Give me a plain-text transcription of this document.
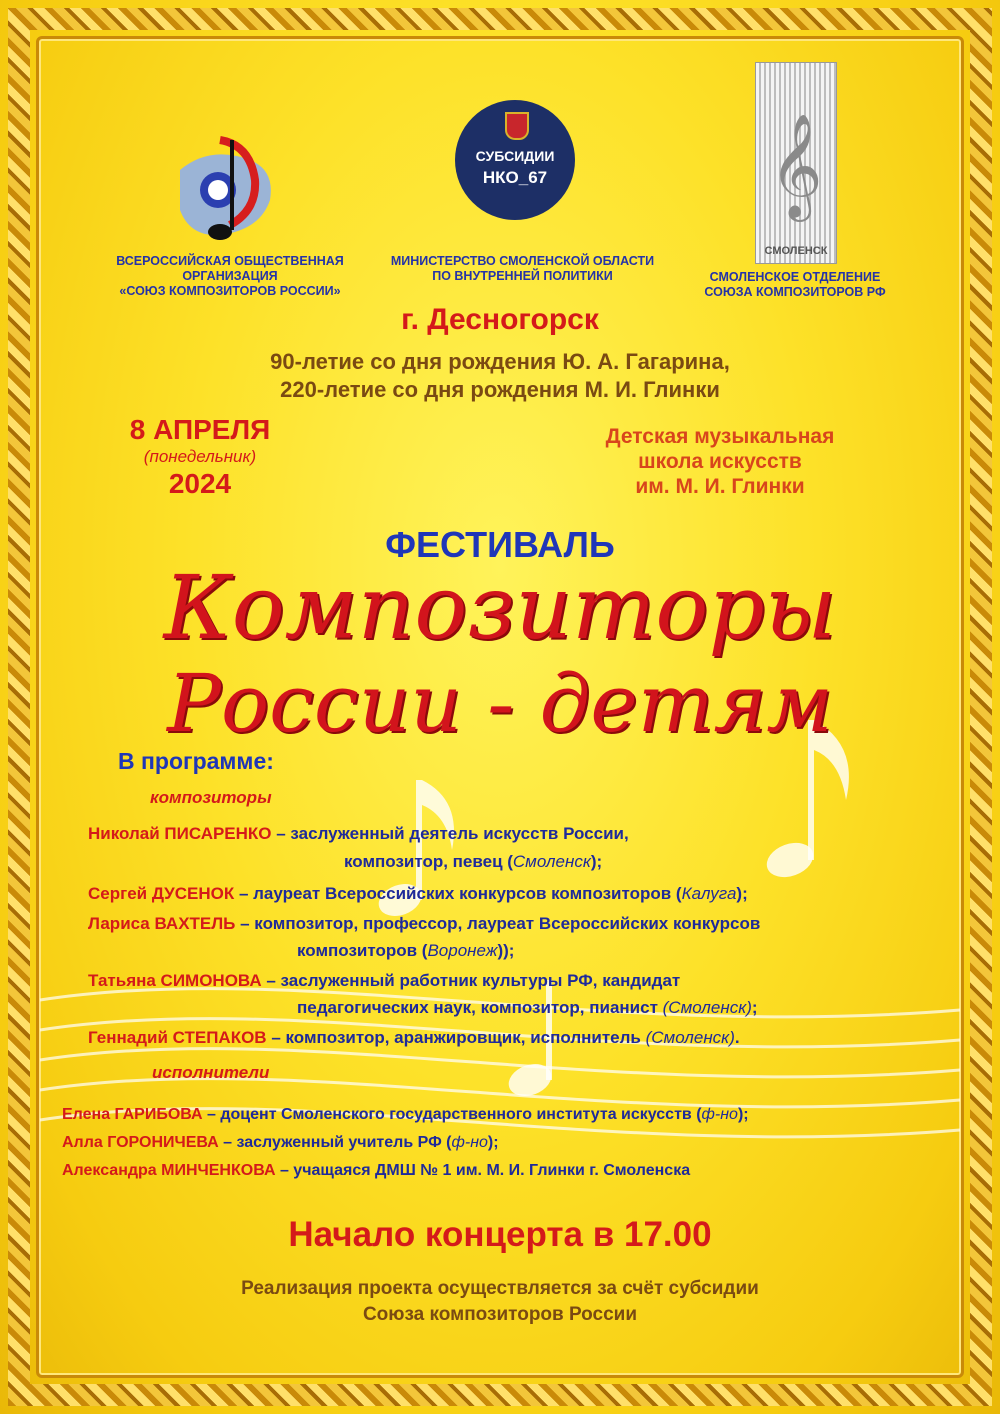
СУБСИДИИ
НКО_67	𝄞
СМОЛЕНСК
ВСЕРОССИЙСКАЯ ОБЩЕСТВЕННАЯ
ОРГАНИЗАЦИЯ
«СОЮЗ КОМПОЗИТОРОВ РОССИИ»
МИНИСТЕРСТВО СМОЛЕНСКОЙ ОБЛАСТИ
ПО ВНУТРЕННЕЙ ПОЛИТИКИ	СМОЛЕНСКОЕ ОТДЕЛЕНИЕ
СОЮЗА КОМПОЗИТОРОВ РФ
г. Десногорск
90-летие со дня рождения Ю. А. Гагарина,
220-летие со дня рождения М. И. Глинки
8 АПРЕЛЯ
(понедельник)
2024
Детская музыкальная
школа искусств
им. М. И. Глинки
ФЕСТИВАЛЬ
Композиторы
России - детям
В программе:
композиторы
Николай ПИСАРЕНКО – заслуженный деятель искусств России,
композитор, певец (Смоленск);
Сергей ДУСЕНОК – лауреат Всероссийских конкурсов композиторов (Калуга);
Лариса ВАХТЕЛЬ – композитор, профессор, лауреат Всероссийских конкурсов
композиторов (Воронеж));
Татьяна СИМОНОВА – заслуженный работник культуры РФ, кандидат
педагогических наук, композитор, пианист (Смоленск);
Геннадий СТЕПАКОВ – композитор, аранжировщик, исполнитель (Смоленск).
исполнители
Елена ГАРИБОВА – доцент Смоленского государственного института искусств (ф-но);
Алла ГОРОНИЧЕВА – заслуженный учитель РФ (ф-но);
Александра МИНЧЕНКОВА – учащаяся ДМШ № 1 им. М. И. Глинки г. Смоленска
Начало концерта в 17.00
Реализация проекта осуществляется за счёт субсидии
Союза композиторов России
